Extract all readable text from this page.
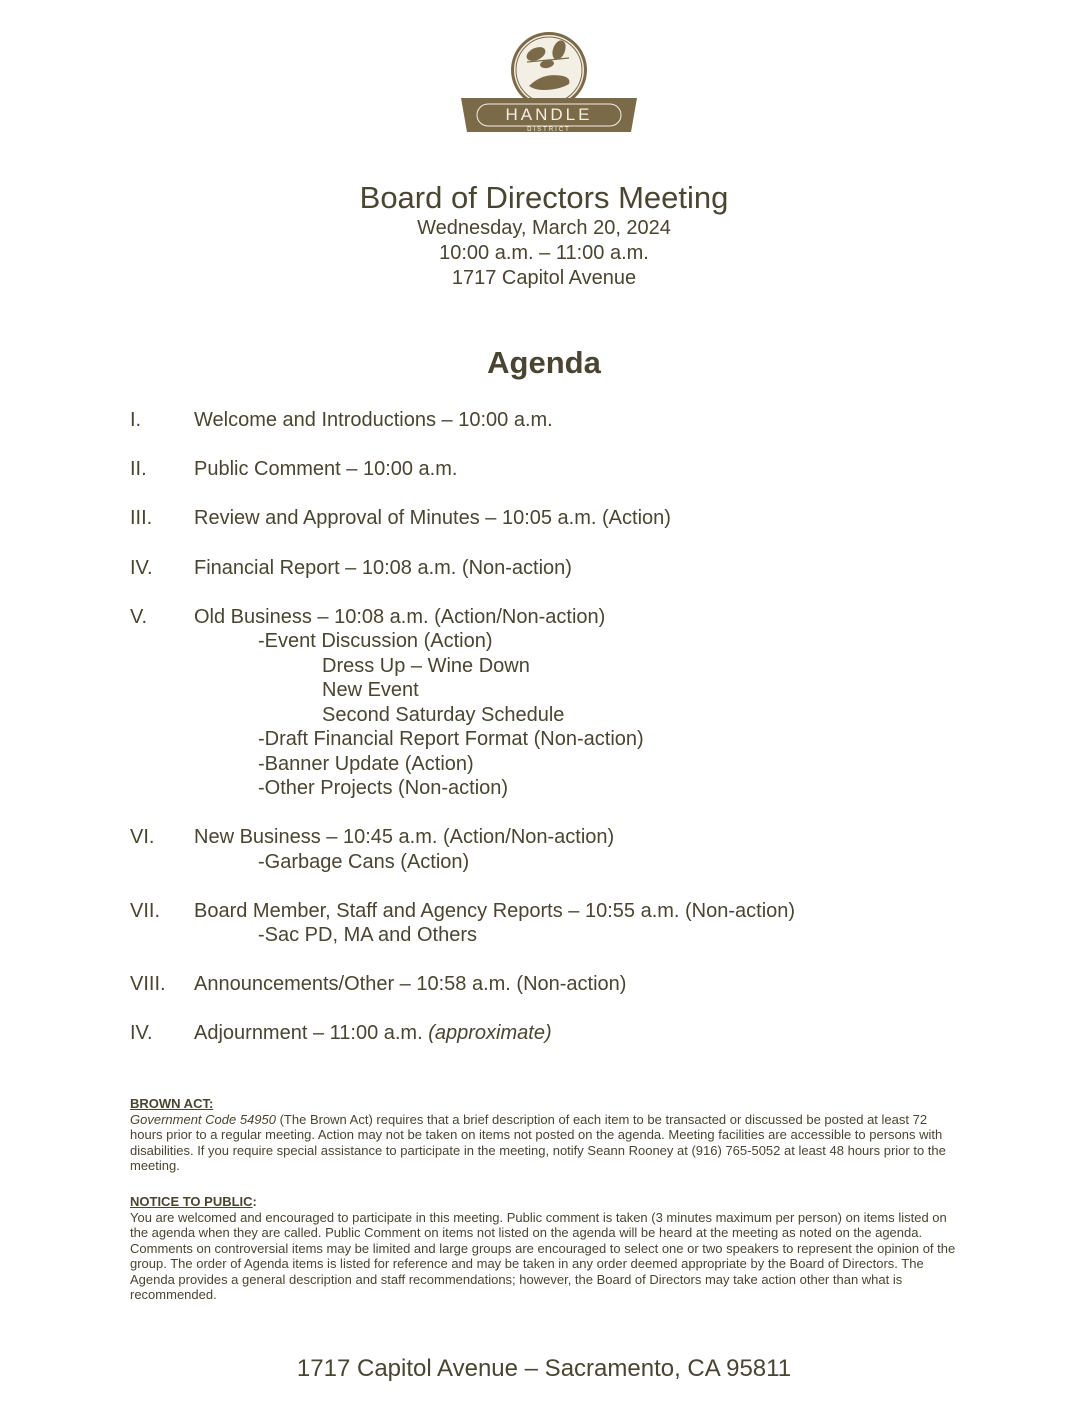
HANDLE
DISTRICT
Board of Directors Meeting
Wednesday, March 20, 2024
10:00 a.m. – 11:00 a.m.
1717 Capitol Avenue
Agenda
I.	Welcome and Introductions – 10:00 a.m.
II. Public Comment – 10:00 a.m.
III. Review and Approval of Minutes – 10:05 a.m. (Action)
IV. Financial Report – 10:08 a.m. (Non-action)
V. Old Business – 10:08 a.m. (Action/Non-action)
-Event Discussion (Action)
Dress Up – Wine Down
New Event
Second Saturday Schedule
-Draft Financial Report Format (Non-action)
-Banner Update (Action)
-Other Projects (Non-action)
VI. New Business – 10:45 a.m. (Action/Non-action)
-Garbage Cans (Action)
VII. Board Member, Staff and Agency Reports – 10:55 a.m. (Non-action)
-Sac PD, MA and Others
VIII. Announcements/Other – 10:58 a.m. (Non-action)
IV. Adjournment – 11:00 a.m. (approximate)
BROWN ACT:
Government Code 54950 (The Brown Act) requires that a brief description of each item to be transacted or discussed be posted at least 72 hours prior to a regular meeting. Action may not be taken on items not posted on the agenda. Meeting facilities are accessible to persons with disabilities. If you require special assistance to participate in the meeting, notify Seann Rooney at (916) 765-5052 at least 48 hours prior to the meeting.
NOTICE TO PUBLIC:
You are welcomed and encouraged to participate in this meeting. Public comment is taken (3 minutes maximum per person) on items listed on the agenda when they are called. Public Comment on items not listed on the agenda will be heard at the meeting as noted on the agenda. Comments on controversial items may be limited and large groups are encouraged to select one or two speakers to represent the opinion of the group. The order of Agenda items is listed for reference and may be taken in any order deemed appropriate by the Board of Directors. The Agenda provides a general description and staff recommendations; however, the Board of Directors may take action other than what is recommended.
1717 Capitol Avenue – Sacramento, CA 95811
